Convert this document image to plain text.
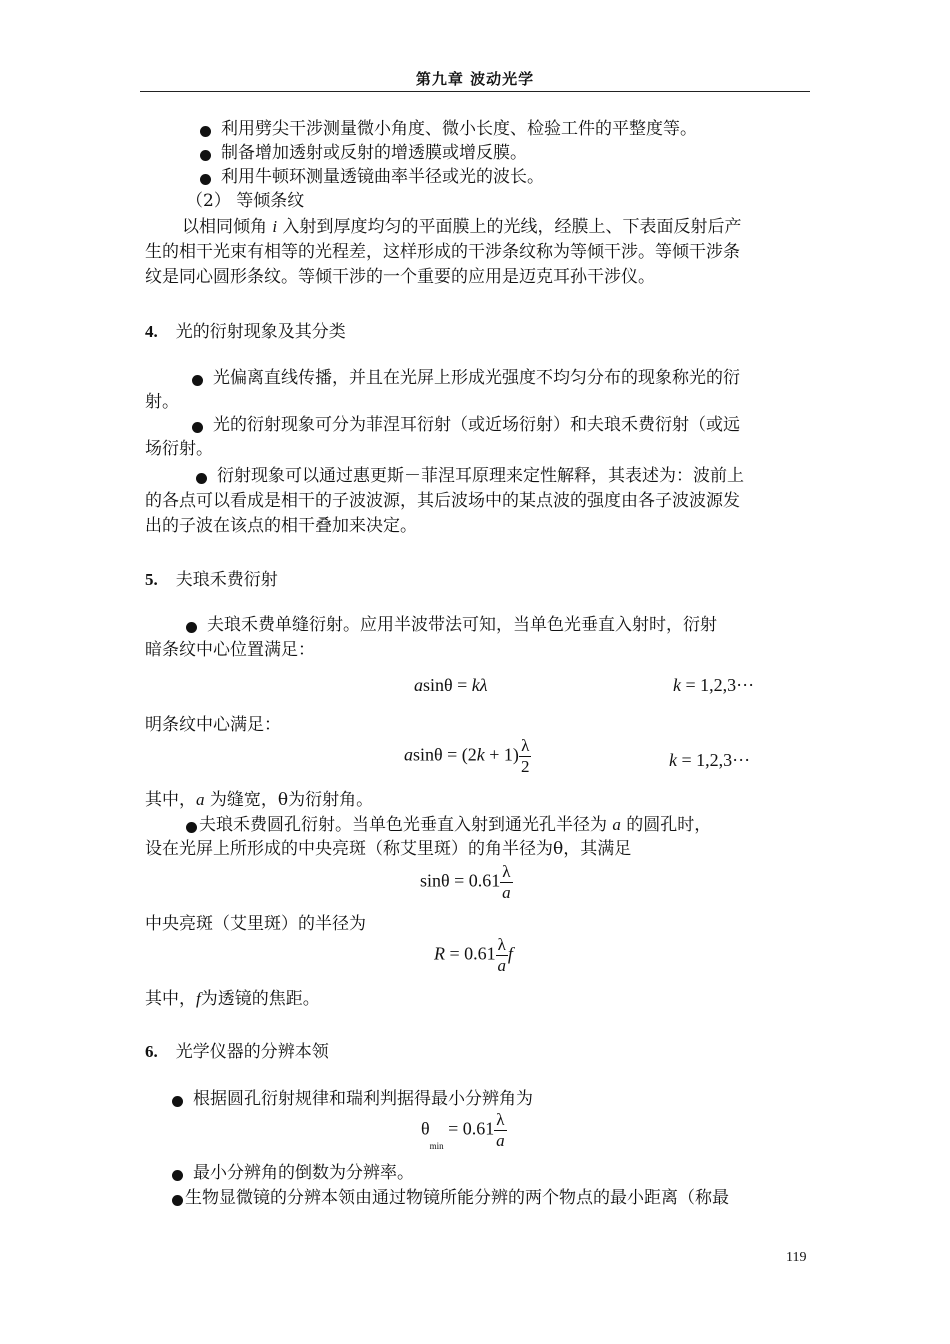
第九章 波动光学
利用劈尖干涉测量微小角度、微小长度、检验工件的平整度等。
制备增加透射或反射的增透膜或增反膜。
利用牛顿环测量透镜曲率半径或光的波长。
（2） 等倾条纹
以相同倾角 i 入射到厚度均匀的平面膜上的光线，经膜上、下表面反射后产
生的相干光束有相等的光程差，这样形成的干涉条纹称为等倾干涉。等倾干涉条
纹是同心圆形条纹。等倾干涉的一个重要的应用是迈克耳孙干涉仪。
4. 光的衍射现象及其分类
光偏离直线传播，并且在光屏上形成光强度不均匀分布的现象称光的衍
射。
光的衍射现象可分为菲涅耳衍射（或近场衍射）和夫琅禾费衍射（或远
场衍射。
衍射现象可以通过惠更斯－菲涅耳原理来定性解释，其表述为：波前上
的各点可以看成是相干的子波波源，其后波场中的某点波的强度由各子波波源发
出的子波在该点的相干叠加来决定。
5. 夫琅禾费衍射
夫琅禾费单缝衍射。应用半波带法可知，当单色光垂直入射时，衍射
暗条纹中心位置满足：
asinθ = kλ	k = 1,2,3···
明条纹中心满足：
$asin\theta = (2k + 1) \frac{\lambda}{2}$	k = 1,2,3···
其中，a 为缝宽，θ为衍射角。
夫琅禾费圆孔衍射。当单色光垂直入射到通光孔半径为 a 的圆孔时，
设在光屏上所形成的中央亮斑（称艾里斑）的角半径为θ，其满足
$\sin\theta = 0.61 \frac{\lambda}{a}$
中央亮斑（艾里斑）的半径为
$R = 0.61 \frac{\lambda}{a}f$
其中，f为透镜的焦距。
6. 光学仪器的分辨本领
根据圆孔衍射规律和瑞利判据得最小分辨角为
$\theta_{min} = 0.61 \frac{\lambda}{a}$
最小分辨角的倒数为分辨率。
生物显微镜的分辨本领由通过物镜所能分辨的两个物点的最小距离（称最
119
